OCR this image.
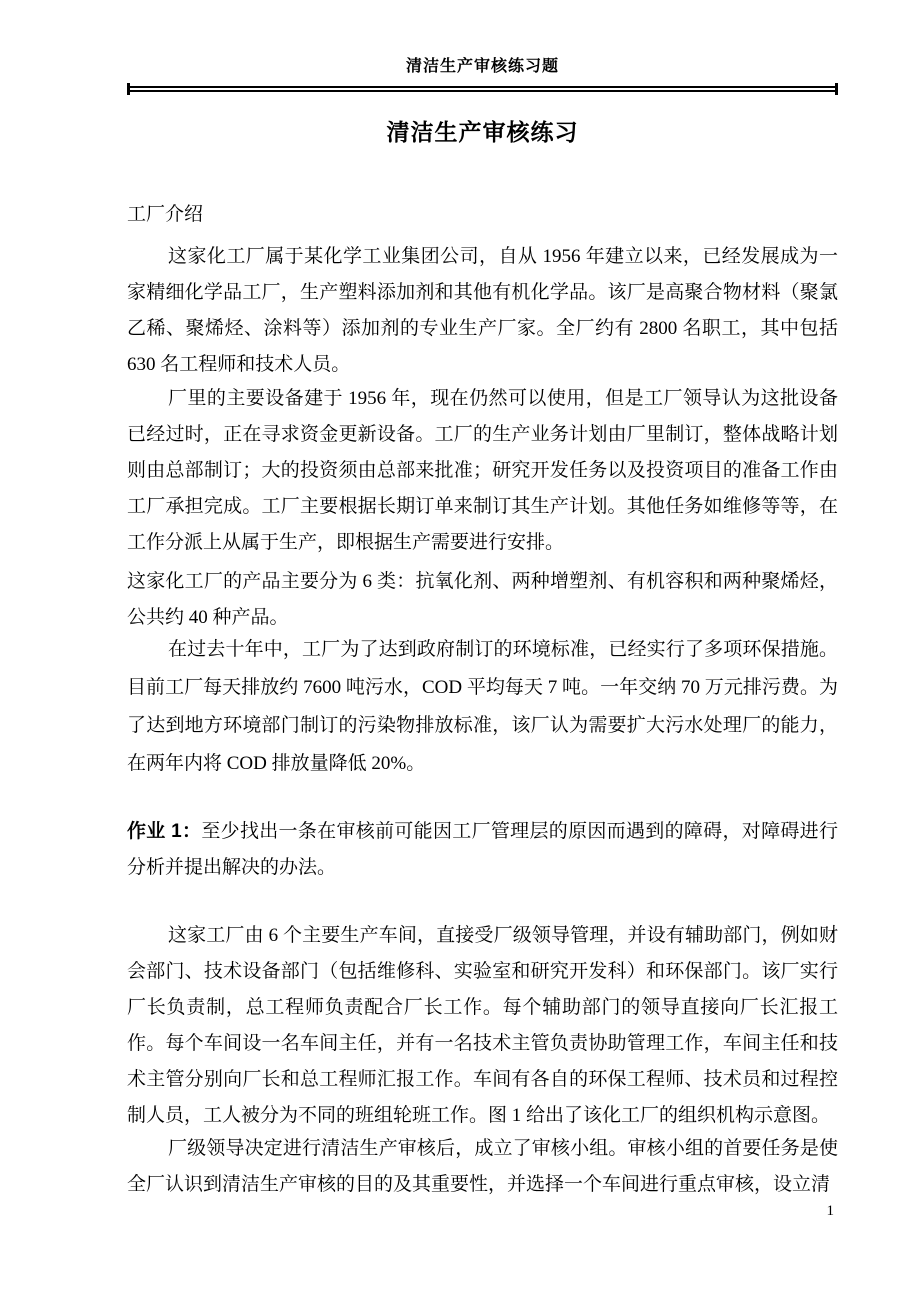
清洁生产审核练习题
清洁生产审核练习
工厂介绍

这家化工厂属于某化学工业集团公司，自从 1956 年建立以来，已经发展成为一家精细化学品工厂，生产塑料添加剂和其他有机化学品。该厂是高聚合物材料（聚氯乙稀、聚烯烃、涂料等）添加剂的专业生产厂家。全厂约有 2800 名职工，其中包括 630 名工程师和技术人员。

厂里的主要设备建于 1956 年，现在仍然可以使用，但是工厂领导认为这批设备已经过时，正在寻求资金更新设备。工厂的生产业务计划由厂里制订，整体战略计划则由总部制订；大的投资须由总部来批准；研究开发任务以及投资项目的准备工作由工厂承担完成。工厂主要根据长期订单来制订其生产计划。其他任务如维修等等，在工作分派上从属于生产，即根据生产需要进行安排。

这家化工厂的产品主要分为 6 类：抗氧化剂、两种增塑剂、有机容积和两种聚烯烃，公共约 40 种产品。

在过去十年中，工厂为了达到政府制订的环境标准，已经实行了多项环保措施。目前工厂每天排放约 7600 吨污水，COD 平均每天 7 吨。一年交纳 70 万元排污费。为了达到地方环境部门制订的污染物排放标准，该厂认为需要扩大污水处理厂的能力，在两年内将 COD 排放量降低 20%。

作业 1：至少找出一条在审核前可能因工厂管理层的原因而遇到的障碍，对障碍进行分析并提出解决的办法。

这家工厂由 6 个主要生产车间，直接受厂级领导管理，并设有辅助部门，例如财会部门、技术设备部门（包括维修科、实验室和研究开发科）和环保部门。该厂实行厂长负责制，总工程师负责配合厂长工作。每个辅助部门的领导直接向厂长汇报工作。每个车间设一名车间主任，并有一名技术主管负责协助管理工作，车间主任和技术主管分别向厂长和总工程师汇报工作。车间有各自的环保工程师、技术员和过程控制人员，工人被分为不同的班组轮班工作。图 1 给出了该化工厂的组织机构示意图。

厂级领导决定进行清洁生产审核后，成立了审核小组。审核小组的首要任务是使全厂认识到清洁生产审核的目的及其重要性，并选择一个车间进行重点审核，设立清

1
